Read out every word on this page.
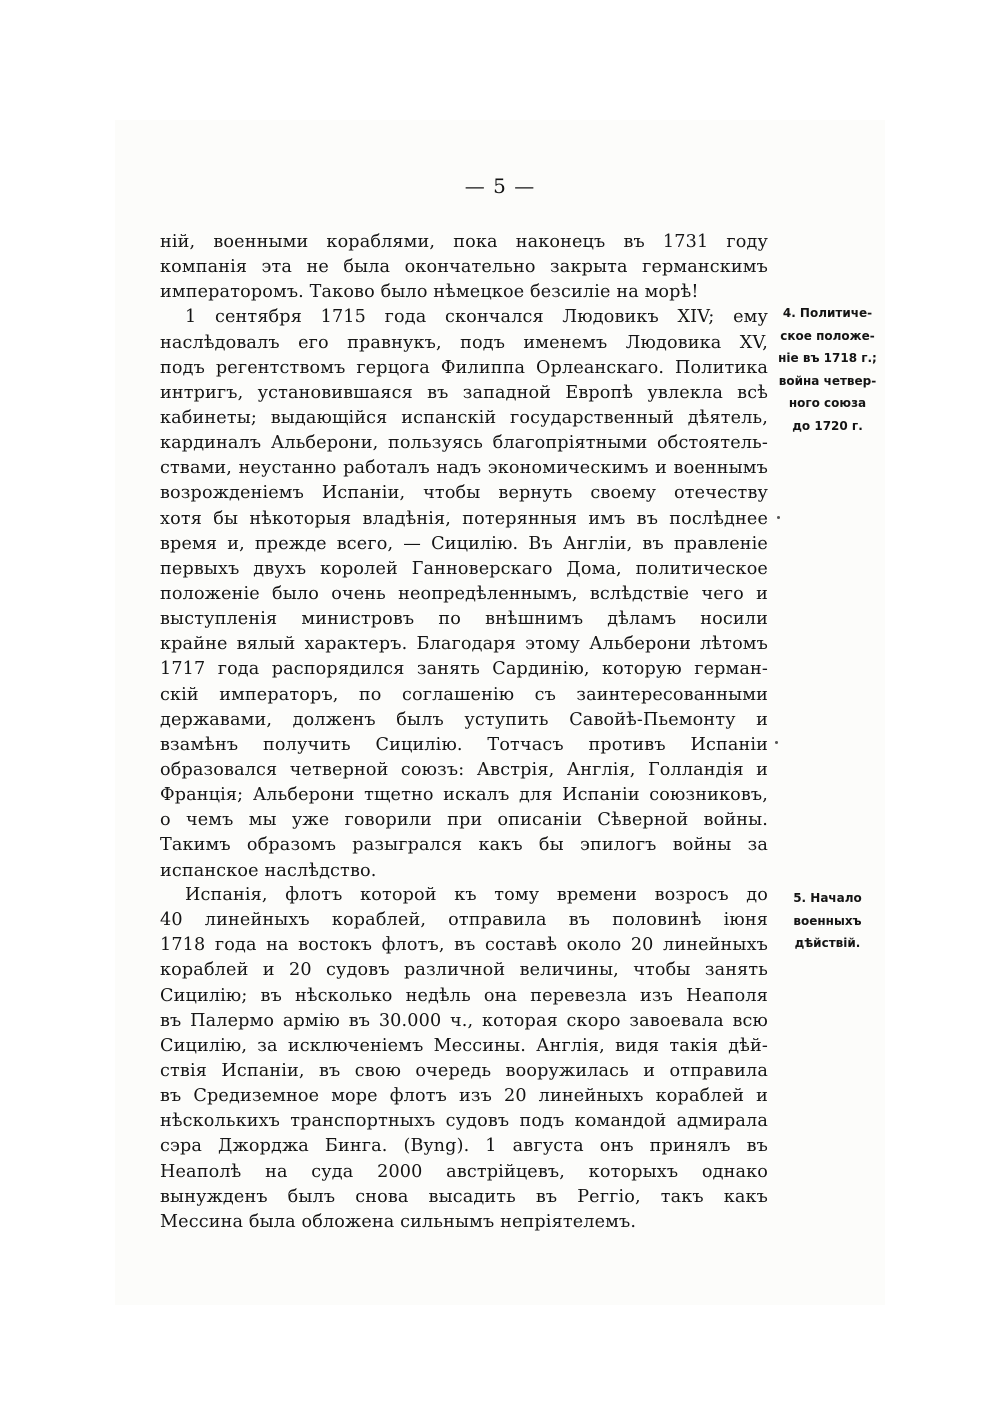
— 5 —
ній, военными кораблями, пока наконецъ въ 1731 году
компанія эта не была окончательно закрыта германскимъ
императоромъ. Таково было нѣмецкое безсиліе на морѣ!
1 сентября 1715 года скончался Людовикъ XIV; ему
наслѣдовалъ его правнукъ, подъ именемъ Людовика XV,
подъ регентствомъ герцога Филиппа Орлеанскаго. Политика
интригъ, установившаяся въ западной Европѣ увлекла всѣ
кабинеты; выдающійся испанскій государственный дѣятель,
кардиналъ Альберони, пользуясь благопріятными обстоятель-
ствами, неустанно работалъ надъ экономическимъ и военнымъ
возрожденіемъ Испаніи, чтобы вернуть своему отечеству
хотя бы нѣкоторыя владѣнія, потерянныя имъ въ послѣднее
время и, прежде всего, — Сицилію. Въ Англіи, въ правленіе
первыхъ двухъ королей Ганноверскаго Дома, политическое
положеніе было очень неопредѣленнымъ, вслѣдствіе чего и
выступленія министровъ по внѣшнимъ дѣламъ носили
крайне вялый характеръ. Благодаря этому Альберони лѣтомъ
1717 года распорядился занять Сардинію, которую герман-
скій императоръ, по соглашенію съ заинтересованными
державами, долженъ былъ уступить Савойѣ-Пьемонту и
взамѣнъ получить Сицилію. Тотчасъ противъ Испаніи
образовался четверной союзъ: Австрія, Англія, Голландія и
Франція; Альберони тщетно искалъ для Испаніи союзниковъ,
о чемъ мы уже говорили при описаніи Сѣверной войны.
Такимъ образомъ разыгрался какъ бы эпилогъ войны за
испанское наслѣдство.
Испанія, флотъ которой къ тому времени возросъ до
40 линейныхъ кораблей, отправила въ половинѣ іюня
1718 года на востокъ флотъ, въ составѣ около 20 линейныхъ
кораблей и 20 судовъ различной величины, чтобы занять
Сицилію; въ нѣсколько недѣль она перевезла изъ Неаполя
въ Палермо армію въ 30.000 ч., которая скоро завоевала всю
Сицилію, за исключеніемъ Мессины. Англія, видя такія дѣй-
ствія Испаніи, въ свою очередь вооружилась и отправила
въ Средиземное море флотъ изъ 20 линейныхъ кораблей и
нѣсколькихъ транспортныхъ судовъ подъ командой адмирала
сэра Джорджа Бинга. (Byng). 1 августа онъ принялъ въ
Неаполѣ на суда 2000 австрійцевъ, которыхъ однако
вынужденъ былъ снова высадить въ Реггіо, такъ какъ
Мессина была обложена сильнымъ непріятелемъ.
4. Политиче-
ское положе-
ніе въ 1718 г.;
война четвер-
ного союза
до 1720 г.
5. Начало
военныхъ
дѣйствій.
